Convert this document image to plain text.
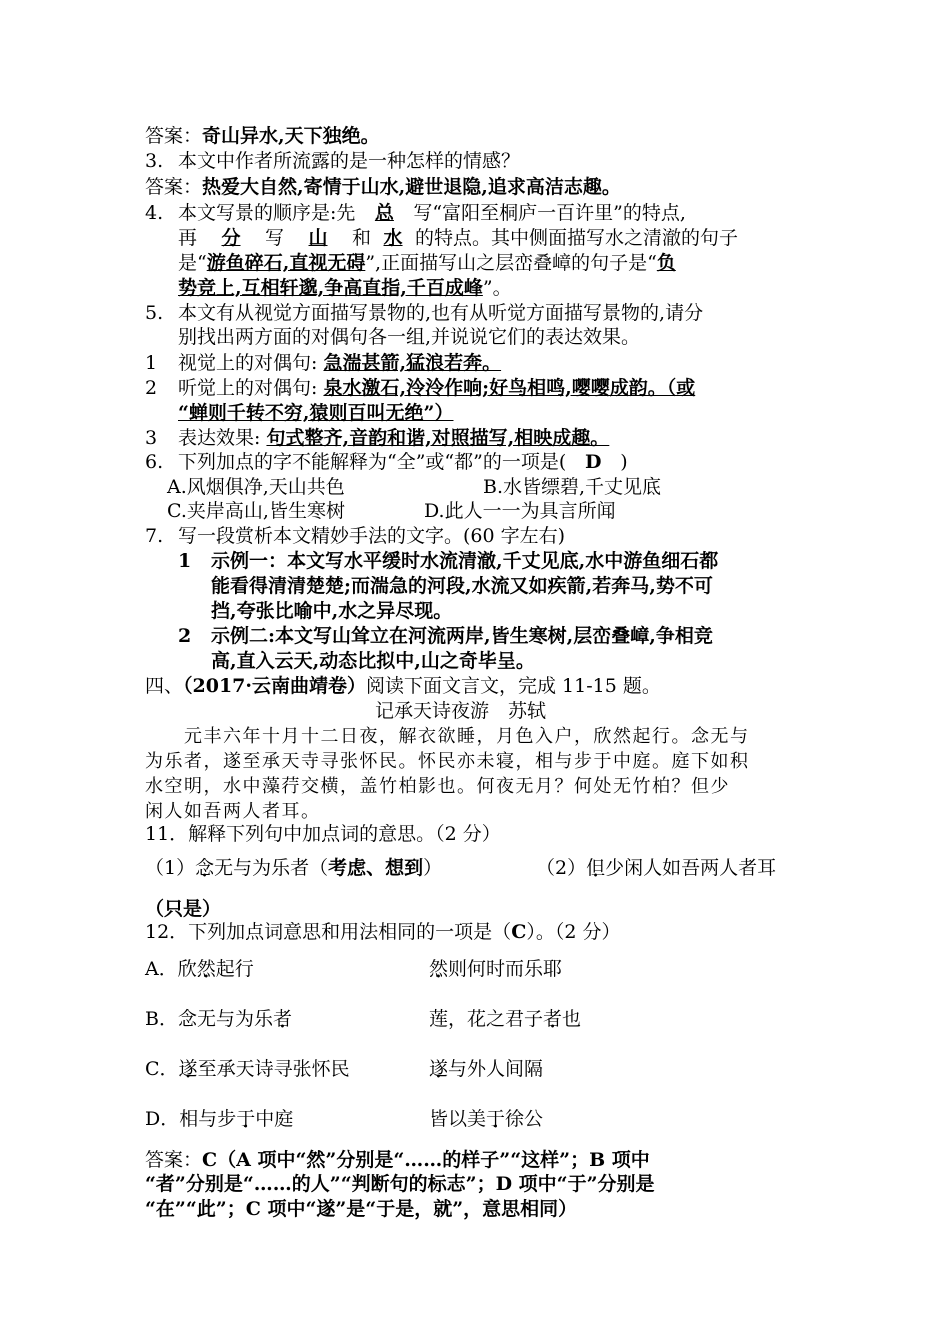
答案：奇山异水,天下独绝。
3. 本文中作者所流露的是一种怎样的情感？
答案：热爱大自然,寄情于山水,避世退隐,追求高洁志趣。
4. 本文写景的顺序是:先 总 写“富阳至桐庐一百许里”的特点,
再 分 写 山 和 水 的特点。其中侧面描写水之清澈的句子
是“游鱼碎石,直视无碍”,正面描写山之层峦叠嶂的句子是“负
势竞上,互相轩邈,争高直指,千百成峰”。
5. 本文有从视觉方面描写景物的,也有从听觉方面描写景物的,请分
别找出两方面的对偶句各一组,并说说它们的表达效果。
1 视觉上的对偶句: 急湍甚箭,猛浪若奔。
2 听觉上的对偶句: 泉水激石,泠泠作响;好鸟相鸣,嘤嘤成韵。（或
“蝉则千转不穷,猿则百叫无绝”）
3 表达效果: 句式整齐,音韵和谐,对照描写,相映成趣。
6. 下列加点的字不能解释为“全”或“都”的一项是( D )
A.风烟俱净,天山共色	B.水皆缥碧,千丈见底
C.夹岸高山,皆生寒树	D.此人一一为具言所闻
7. 写一段赏析本文精妙手法的文字。(60 字左右)
1 示例一：本文写水平缓时水流清澈,千丈见底,水中游鱼细石都
能看得清清楚楚;而湍急的河段,水流又如疾箭,若奔马,势不可
挡,夸张比喻中,水之异尽现。
2 示例二:本文写山耸立在河流两岸,皆生寒树,层峦叠嶂,争相竞
高,直入云天,动态比拟中,山之奇毕呈。
四、（2017·云南曲靖卷）阅读下面文言文，完成 11-15 题。
记承天诗夜游　苏轼
　　元丰六年十月十二日夜，解衣欲睡，月色入户，欣然起行。念无与
为乐者，遂至承天寺寻张怀民。怀民亦未寝，相与步于中庭。庭下如积
水空明，水中藻荇交横，盖竹柏影也。何夜无月？何处无竹柏？但少
闲人如吾两人者耳。
11．解释下列句中加点词的意思。（2 分）
（1）念无与为乐者（考虑、想到）	（2）但少闲人如吾两人者耳
（只是）
12．下列加点词意思和用法相同的一项是（C）。（2 分）
A．欣然起行	然则何时而乐耶
B．念无与为乐者	莲，花之君子者也
C．遂至承天诗寻张怀民	遂与外人间隔
D．相与步于中庭	皆以美于徐公
答案：C（A 项中“然”分别是“……的样子”“这样”；B 项中
“者”分别是“……的人”“判断句的标志”；D 项中“于”分别是
“在”“此”；C 项中“遂”是“于是，就”，意思相同）
